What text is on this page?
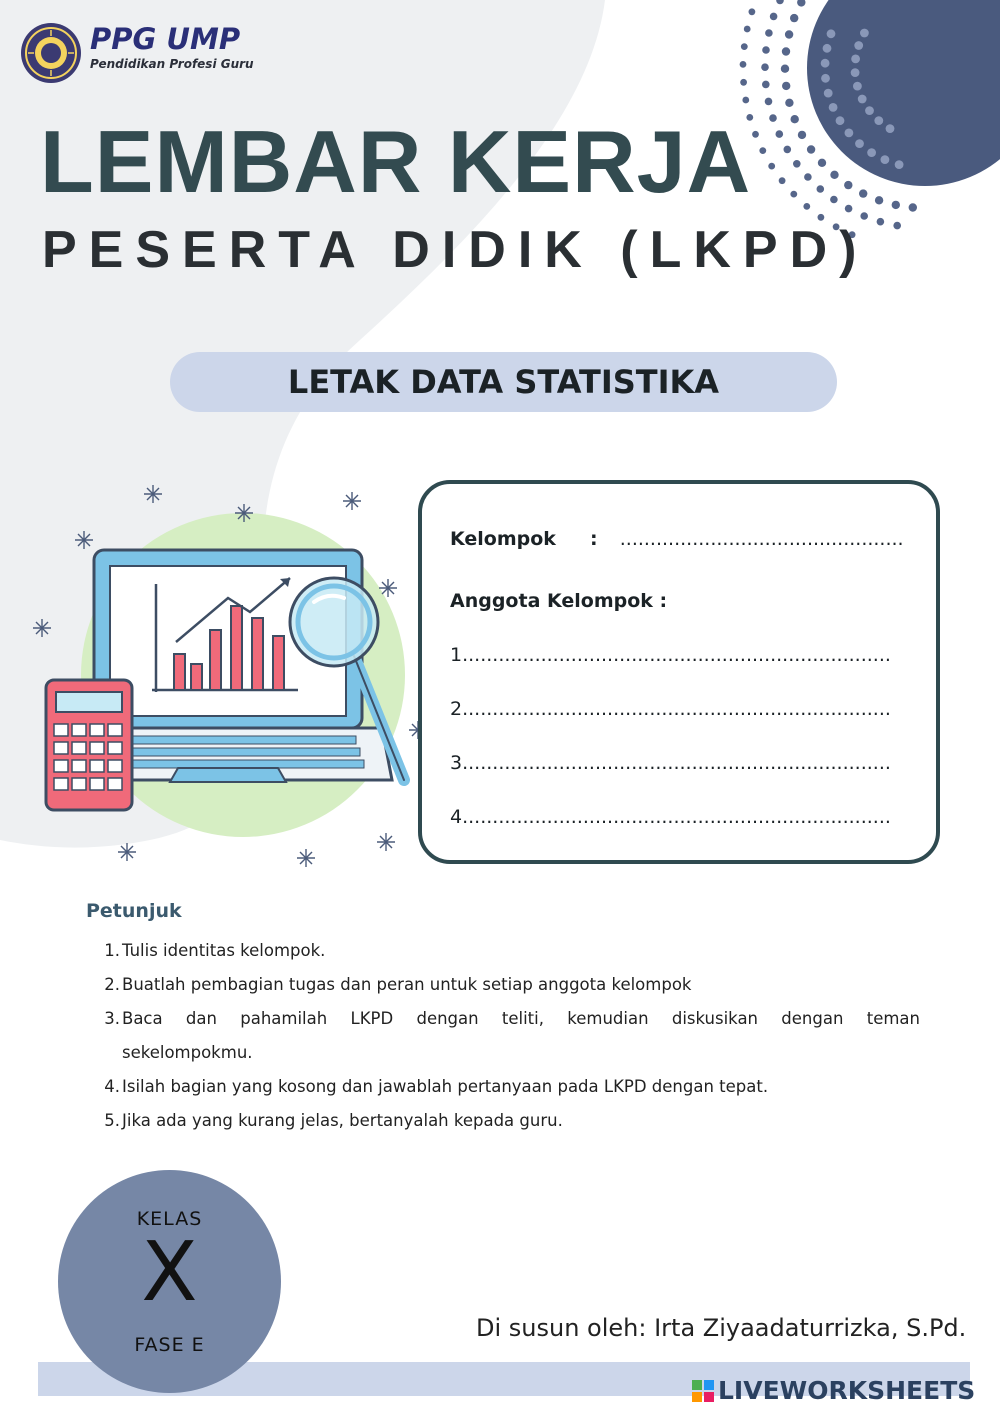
PPG UMP
Pendidikan Profesi Guru
LEMBAR KERJA
PESERTA DIDIK (LKPD)
LETAK DATA STATISTIKA
Kelompok : ...............................................
Anggota Kelompok :
1.......................................................................
2.......................................................................
3.......................................................................
4.......................................................................
Petunjuk
1. Tulis identitas kelompok.
2. Buatlah pembagian tugas dan peran untuk setiap anggota kelompok
3. Baca dan pahamilah LKPD dengan teliti, kemudian diskusikan dengan teman
sekelompokmu.
4. Isilah bagian yang kosong dan jawablah pertanyaan pada LKPD dengan tepat.
5. Jika ada yang kurang jelas, bertanyalah kepada guru.
KELAS
X
FASE E
Di susun oleh: Irta Ziyaadaturrizka, S.Pd.
LIVEWORKSHEETS
